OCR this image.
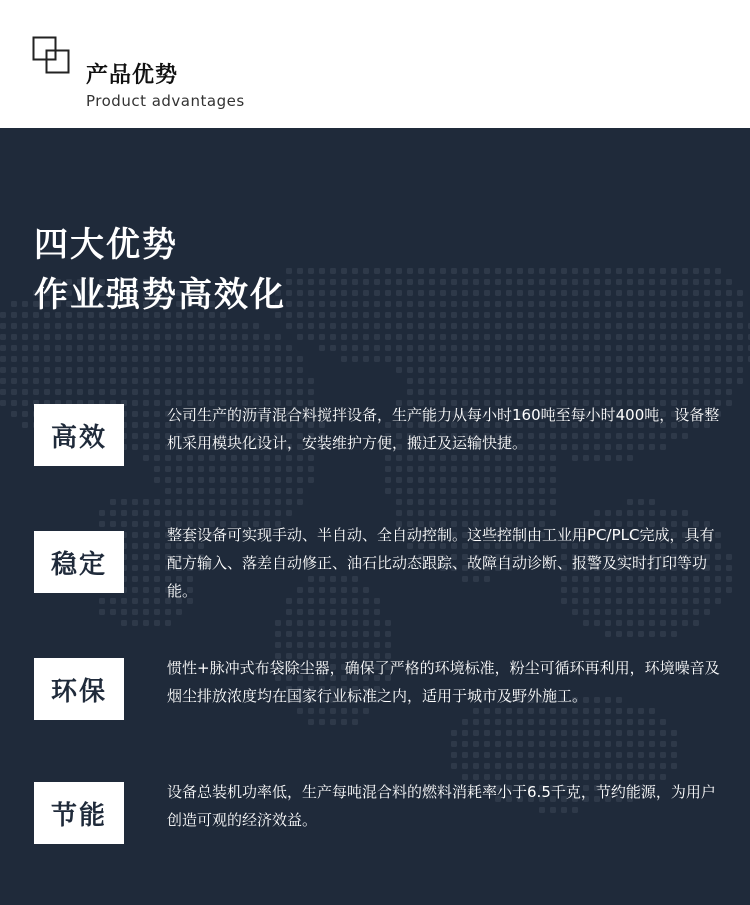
产品优势
Product advantages
四大优势
作业强势高效化
高效
公司生产的沥青混合料搅拌设备，生产能力从每小时160吨至每小时400吨，设备整机采用模块化设计，安装维护方便，搬迁及运输快捷。
稳定
整套设备可实现手动、半自动、全自动控制。这些控制由工业用PC/PLC完成，具有配方输入、落差自动修正、油石比动态跟踪、故障自动诊断、报警及实时打印等功能。
环保
惯性+脉冲式布袋除尘器，确保了严格的环境标准，粉尘可循环再利用，环境噪音及烟尘排放浓度均在国家行业标准之内，适用于城市及野外施工。
节能
设备总装机功率低，生产每吨混合料的燃料消耗率小于6.5千克，节约能源，为用户创造可观的经济效益。
